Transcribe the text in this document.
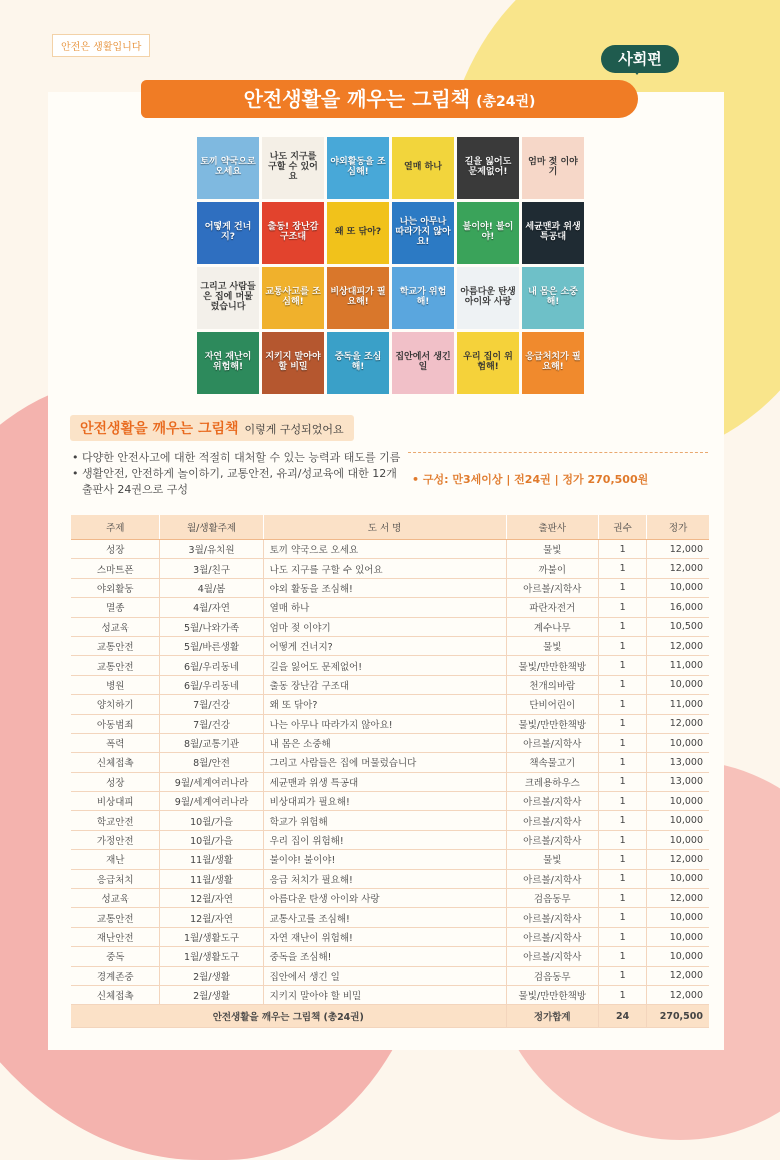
안전은 생활입니다
사회편
안전생활을 깨우는 그림책 (총24권)
토끼 약국으로 오세요
나도 지구를 구할 수 있어요
야외활동을 조심해!	열매 하나	길을 잃어도 문제없어!
엄마 젖 이야기
어떻게 건너지?
출동! 장난감 구조대	왜 또 닦아?
나는 아무나 따라가지 않아요!
불이야! 불이야!
세균맨과 위생 특공대
그리고 사람들은 집에 머물렀습니다
교통사고를 조심해!
비상대피가 필요해!
학교가 위험해!
아름다운 탄생 아이와 사랑
내 몸은 소중해!
자연 재난이 위험해!
지키지 말아야 할 비밀
중독을 조심해!
집안에서 생긴 일
우리 집이 위험해!
응급처치가 필요해!
안전생활을 깨우는 그림책 이렇게 구성되었어요
• 다양한 안전사고에 대한 적절히 대처할 수 있는 능력과 태도를 기름
• 생활안전, 안전하게 놀이하기, 교통안전, 유괴/성교육에 대한 12개 출판사 24권으로 구성
• 구성: 만3세이상 | 전24권 | 정가 270,500원
주제	월/생활주제	도 서 명	출판사	권수	정가
성장	3월/유치원	토끼 약국으로 오세요	물빛	1	12,000
스마트폰	3월/친구	나도 지구를 구할 수 있어요	까불이	1	12,000
야외활동	4월/봄	야외 활동을 조심해!	아르볼/지학사	1	10,000
멸종	4월/자연	열매 하나	파란자전거	1	16,000
성교육	5월/나와가족	엄마 젖 이야기	계수나무	1	10,500
교통안전	5월/바른생활	어떻게 건너지?	물빛	1	12,000
교통안전	6월/우리동네	길을 잃어도 문제없어!	물빛/만만한책방	1	11,000
병원	6월/우리동네	출동 장난감 구조대	천개의바람	1	10,000
양치하기	7월/건강	왜 또 닦아?	단비어린이	1	11,000
아동범죄	7월/건강	나는 아무나 따라가지 않아요!	물빛/만만한책방	1	12,000
폭력	8월/교통기관	내 몸은 소중해	아르볼/지학사	1	10,000
신체접촉	8월/안전	그리고 사람들은 집에 머물렀습니다	책속물고기	1	13,000
성장	9월/세계여러나라	세균맨과 위생 특공대	크레용하우스	1	13,000
비상대피	9월/세계여러나라	비상대피가 필요해!	아르볼/지학사	1	10,000
학교안전	10월/가을	학교가 위험해	아르볼/지학사	1	10,000
가정안전	10월/가을	우리 집이 위험해!	아르볼/지학사	1	10,000
재난	11월/생활	불이야! 불이야!	물빛	1	12,000
응급처치	11월/생활	응급 처치가 필요해!	아르볼/지학사	1	10,000
성교육	12월/자연	아름다운 탄생 아이와 사랑	검음동무	1	12,000
교통안전	12월/자연	교통사고를 조심해!	아르볼/지학사	1	10,000
재난안전	1월/생활도구	자연 재난이 위험해!	아르볼/지학사	1	10,000
중독	1월/생활도구	중독을 조심해!	아르볼/지학사	1	10,000
경계존중	2월/생활	집안에서 생긴 일	검음동무	1	12,000
신체접촉	2월/생활	지키지 말아야 할 비밀	물빛/만만한책방	1	12,000
안전생활을 깨우는 그림책 (총24권)			정가합계	24	270,500
